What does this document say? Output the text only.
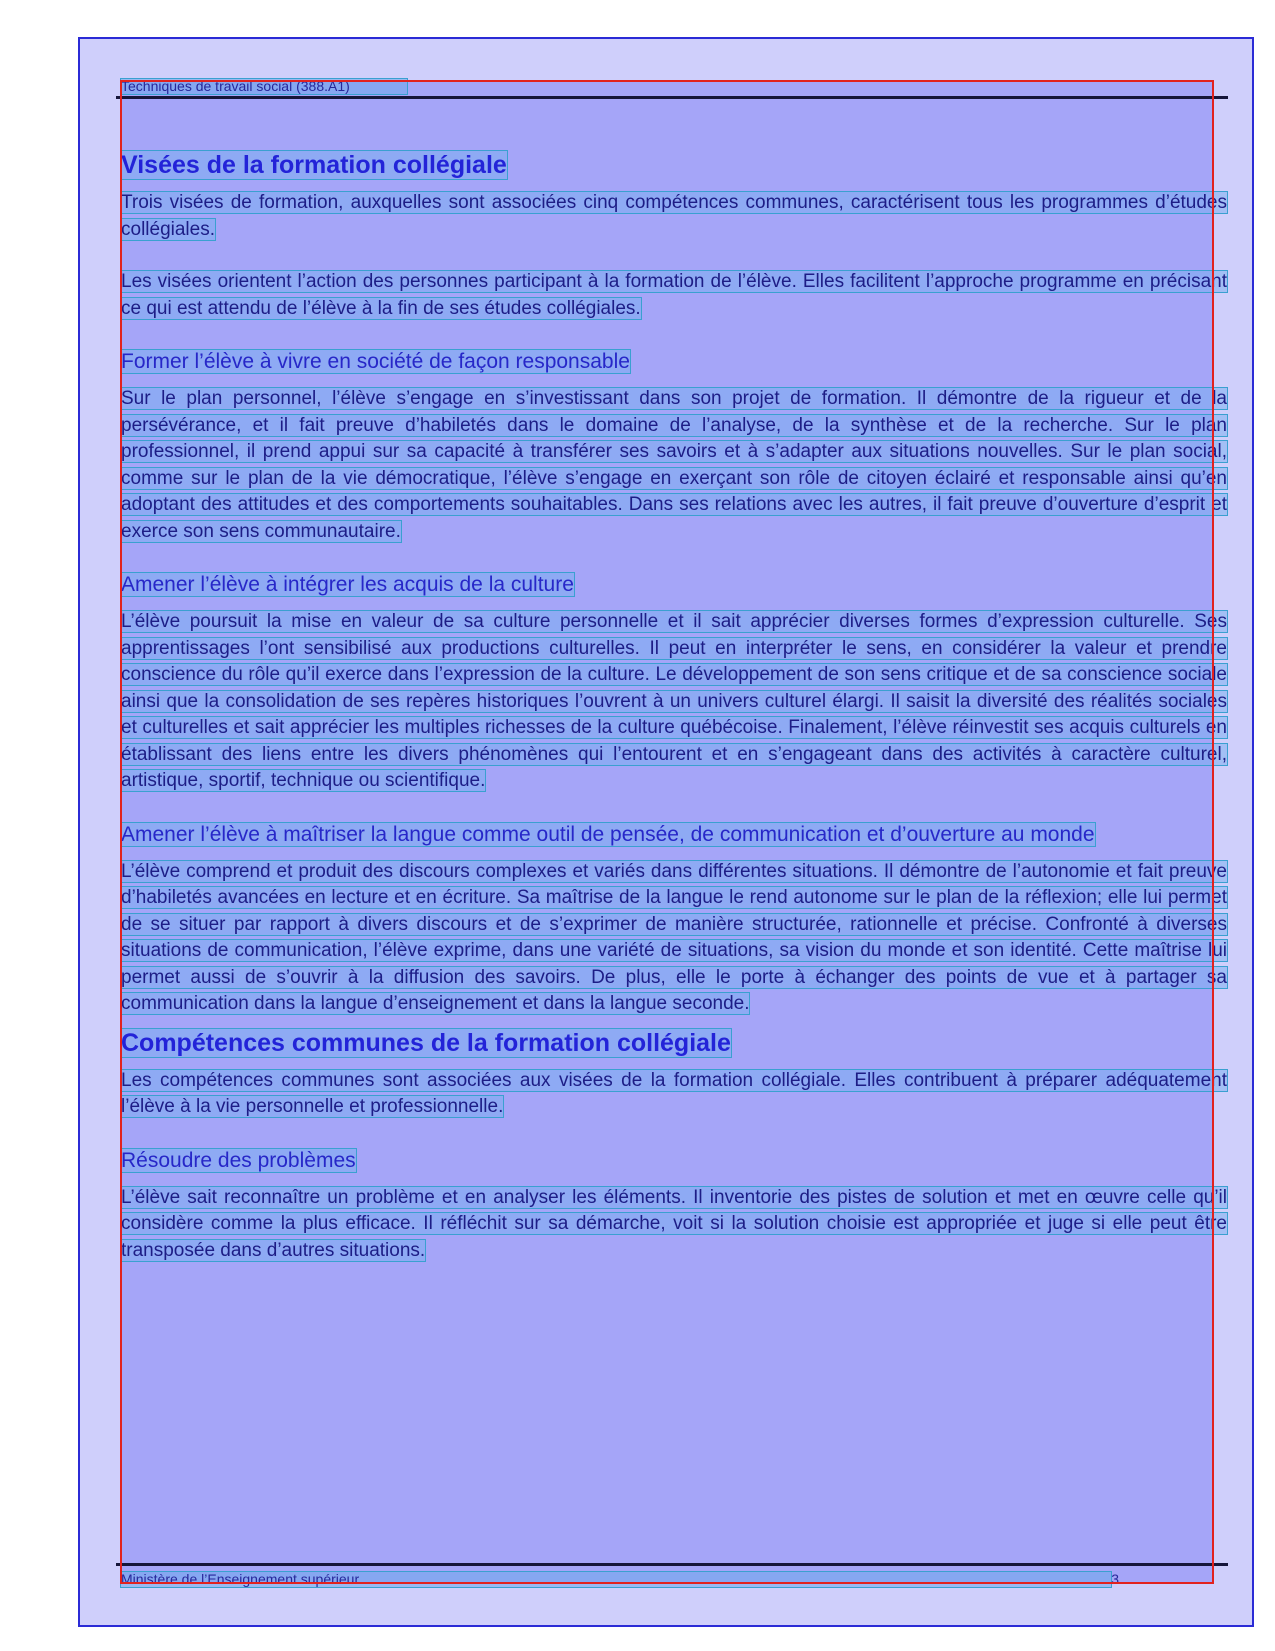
Techniques de travail social (388.A1)
Visées de la formation collégiale

Trois visées de formation, auxquelles sont associées cinq compétences communes, caractérisent tous les programmes d’études collégiales.

Les visées orientent l’action des personnes participant à la formation de l’élève. Elles facilitent l’approche programme en précisant ce qui est attendu de l’élève à la fin de ses études collégiales.

Former l’élève à vivre en société de façon responsable

Sur le plan personnel, l’élève s’engage en s’investissant dans son projet de formation. Il démontre de la rigueur et de la persévérance, et il fait preuve d’habiletés dans le domaine de l’analyse, de la synthèse et de la recherche. Sur le plan professionnel, il prend appui sur sa capacité à transférer ses savoirs et à s’adapter aux situations nouvelles. Sur le plan social, comme sur le plan de la vie démocratique, l’élève s’engage en exerçant son rôle de citoyen éclairé et responsable ainsi qu’en adoptant des attitudes et des comportements souhaitables. Dans ses relations avec les autres, il fait preuve d’ouverture d’esprit et exerce son sens communautaire.

Amener l’élève à intégrer les acquis de la culture

L’élève poursuit la mise en valeur de sa culture personnelle et il sait apprécier diverses formes d’expression culturelle. Ses apprentissages l’ont sensibilisé aux productions culturelles. Il peut en interpréter le sens, en considérer la valeur et prendre conscience du rôle qu’il exerce dans l’expression de la culture. Le développement de son sens critique et de sa conscience sociale ainsi que la consolidation de ses repères historiques l’ouvrent à un univers culturel élargi. Il saisit la diversité des réalités sociales et culturelles et sait apprécier les multiples richesses de la culture québécoise. Finalement, l’élève réinvestit ses acquis culturels en établissant des liens entre les divers phénomènes qui l’entourent et en s’engageant dans des activités à caractère culturel, artistique, sportif, technique ou scientifique.

Amener l’élève à maîtriser la langue comme outil de pensée, de communication et d’ouverture au monde

L’élève comprend et produit des discours complexes et variés dans différentes situations. Il démontre de l’autonomie et fait preuve d’habiletés avancées en lecture et en écriture. Sa maîtrise de la langue le rend autonome sur le plan de la réflexion; elle lui permet de se situer par rapport à divers discours et de s’exprimer de manière structurée, rationnelle et précise. Confronté à diverses situations de communication, l’élève exprime, dans une variété de situations, sa vision du monde et son identité. Cette maîtrise lui permet aussi de s’ouvrir à la diffusion des savoirs. De plus, elle le porte à échanger des points de vue et à partager sa communication dans la langue d’enseignement et dans la langue seconde.

Compétences communes de la formation collégiale

Les compétences communes sont associées aux visées de la formation collégiale. Elles contribuent à préparer adéquatement l’élève à la vie personnelle et professionnelle.

Résoudre des problèmes

L’élève sait reconnaître un problème et en analyser les éléments. Il inventorie des pistes de solution et met en œuvre celle qu’il considère comme la plus efficace. Il réfléchit sur sa démarche, voit si la solution choisie est appropriée et juge si elle peut être transposée dans d’autres situations.

Ministère de l’Enseignement supérieur	3
